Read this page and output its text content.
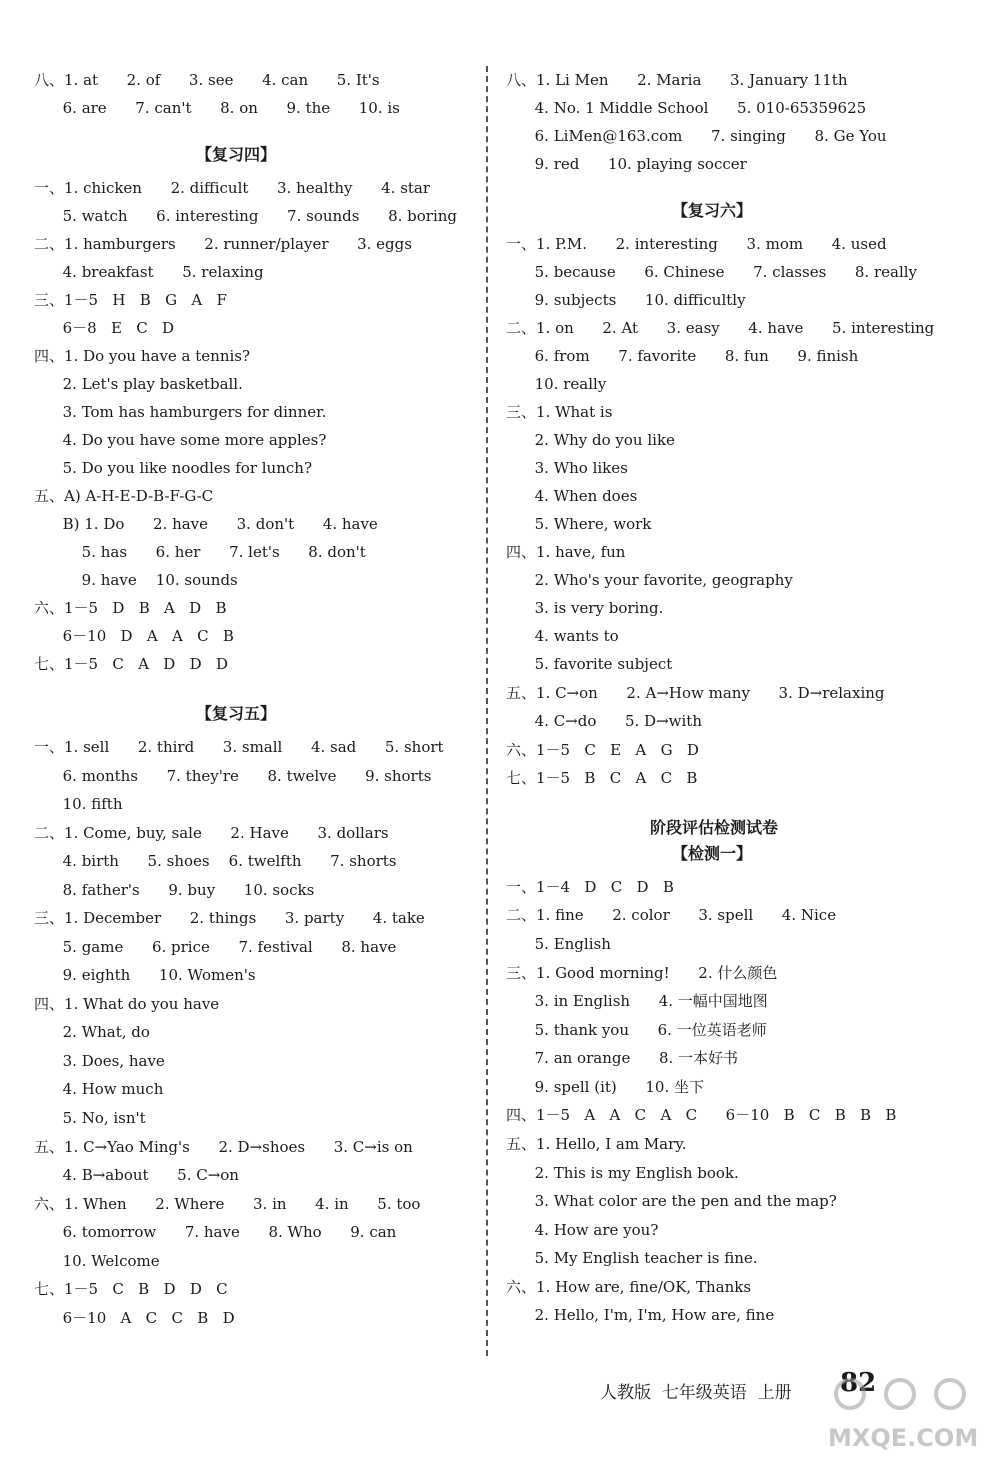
八、1. at      2. of      3. see      4. can      5. It's
6. are      7. can't      8. on      9. the      10. is
【复习四】
一、1. chicken      2. difficult      3. healthy      4. star
5. watch      6. interesting      7. sounds      8. boring
二、1. hamburgers      2. runner/player      3. eggs
4. breakfast      5. relaxing
三、1－5   H   B   G   A   F
6－8   E   C   D
四、1. Do you have a tennis?
2. Let's play basketball.
3. Tom has hamburgers for dinner.
4. Do you have some more apples?
5. Do you like noodles for lunch?
五、A) A-H-E-D-B-F-G-C
B) 1. Do      2. have      3. don't      4. have
5. has      6. her      7. let's      8. don't
9. have    10. sounds
六、1－5   D   B   A   D   B
6－10   D   A   A   C   B
七、1－5   C   A   D   D   D
【复习五】
一、1. sell      2. third      3. small      4. sad      5. short
6. months      7. they're      8. twelve      9. shorts
10. fifth
二、1. Come, buy, sale      2. Have      3. dollars
4. birth      5. shoes    6. twelfth      7. shorts
8. father's      9. buy      10. socks
三、1. December      2. things      3. party      4. take
5. game      6. price      7. festival      8. have
9. eighth      10. Women's
四、1. What do you have
2. What, do
3. Does, have
4. How much
5. No, isn't
五、1. C→Yao Ming's      2. D→shoes      3. C→is on
4. B→about      5. C→on
六、1. When      2. Where      3. in      4. in      5. too
6. tomorrow      7. have      8. Who      9. can
10. Welcome
七、1－5   C   B   D   D   C
6－10   A   C   C   B   D
八、1. Li Men      2. Maria      3. January 11th
4. No. 1 Middle School      5. 010-65359625
6. LiMen@163.com      7. singing      8. Ge You
9. red      10. playing soccer
【复习六】
一、1. P.M.      2. interesting      3. mom      4. used
5. because      6. Chinese      7. classes      8. really
9. subjects      10. difficultly
二、1. on      2. At      3. easy      4. have      5. interesting
6. from      7. favorite      8. fun      9. finish
10. really
三、1. What is
2. Why do you like
3. Who likes
4. When does
5. Where, work
四、1. have, fun
2. Who's your favorite, geography
3. is very boring.
4. wants to
5. favorite subject
五、1. C→on      2. A→How many      3. D→relaxing
4. C→do      5. D→with
六、1－5   C   E   A   G   D
七、1－5   B   C   A   C   B
阶段评估检测试卷
【检测一】
一、1－4   D   C   D   B
二、1. fine      2. color      3. spell      4. Nice
5. English
三、1. Good morning!      2. 什么颜色
3. in English      4. 一幅中国地图
5. thank you      6. 一位英语老师
7. an orange      8. 一本好书
9. spell (it)      10. 坐下
四、1－5   A   A   C   A   C      6－10   B   C   B   B   B
五、1. Hello, I am Mary.
2. This is my English book.
3. What color are the pen and the map?
4. How are you?
5. My English teacher is fine.
六、1. How are, fine/OK, Thanks
2. Hello, I'm, I'm, How are, fine
人教版  七年级英语  上册 82
MXQE.COM
